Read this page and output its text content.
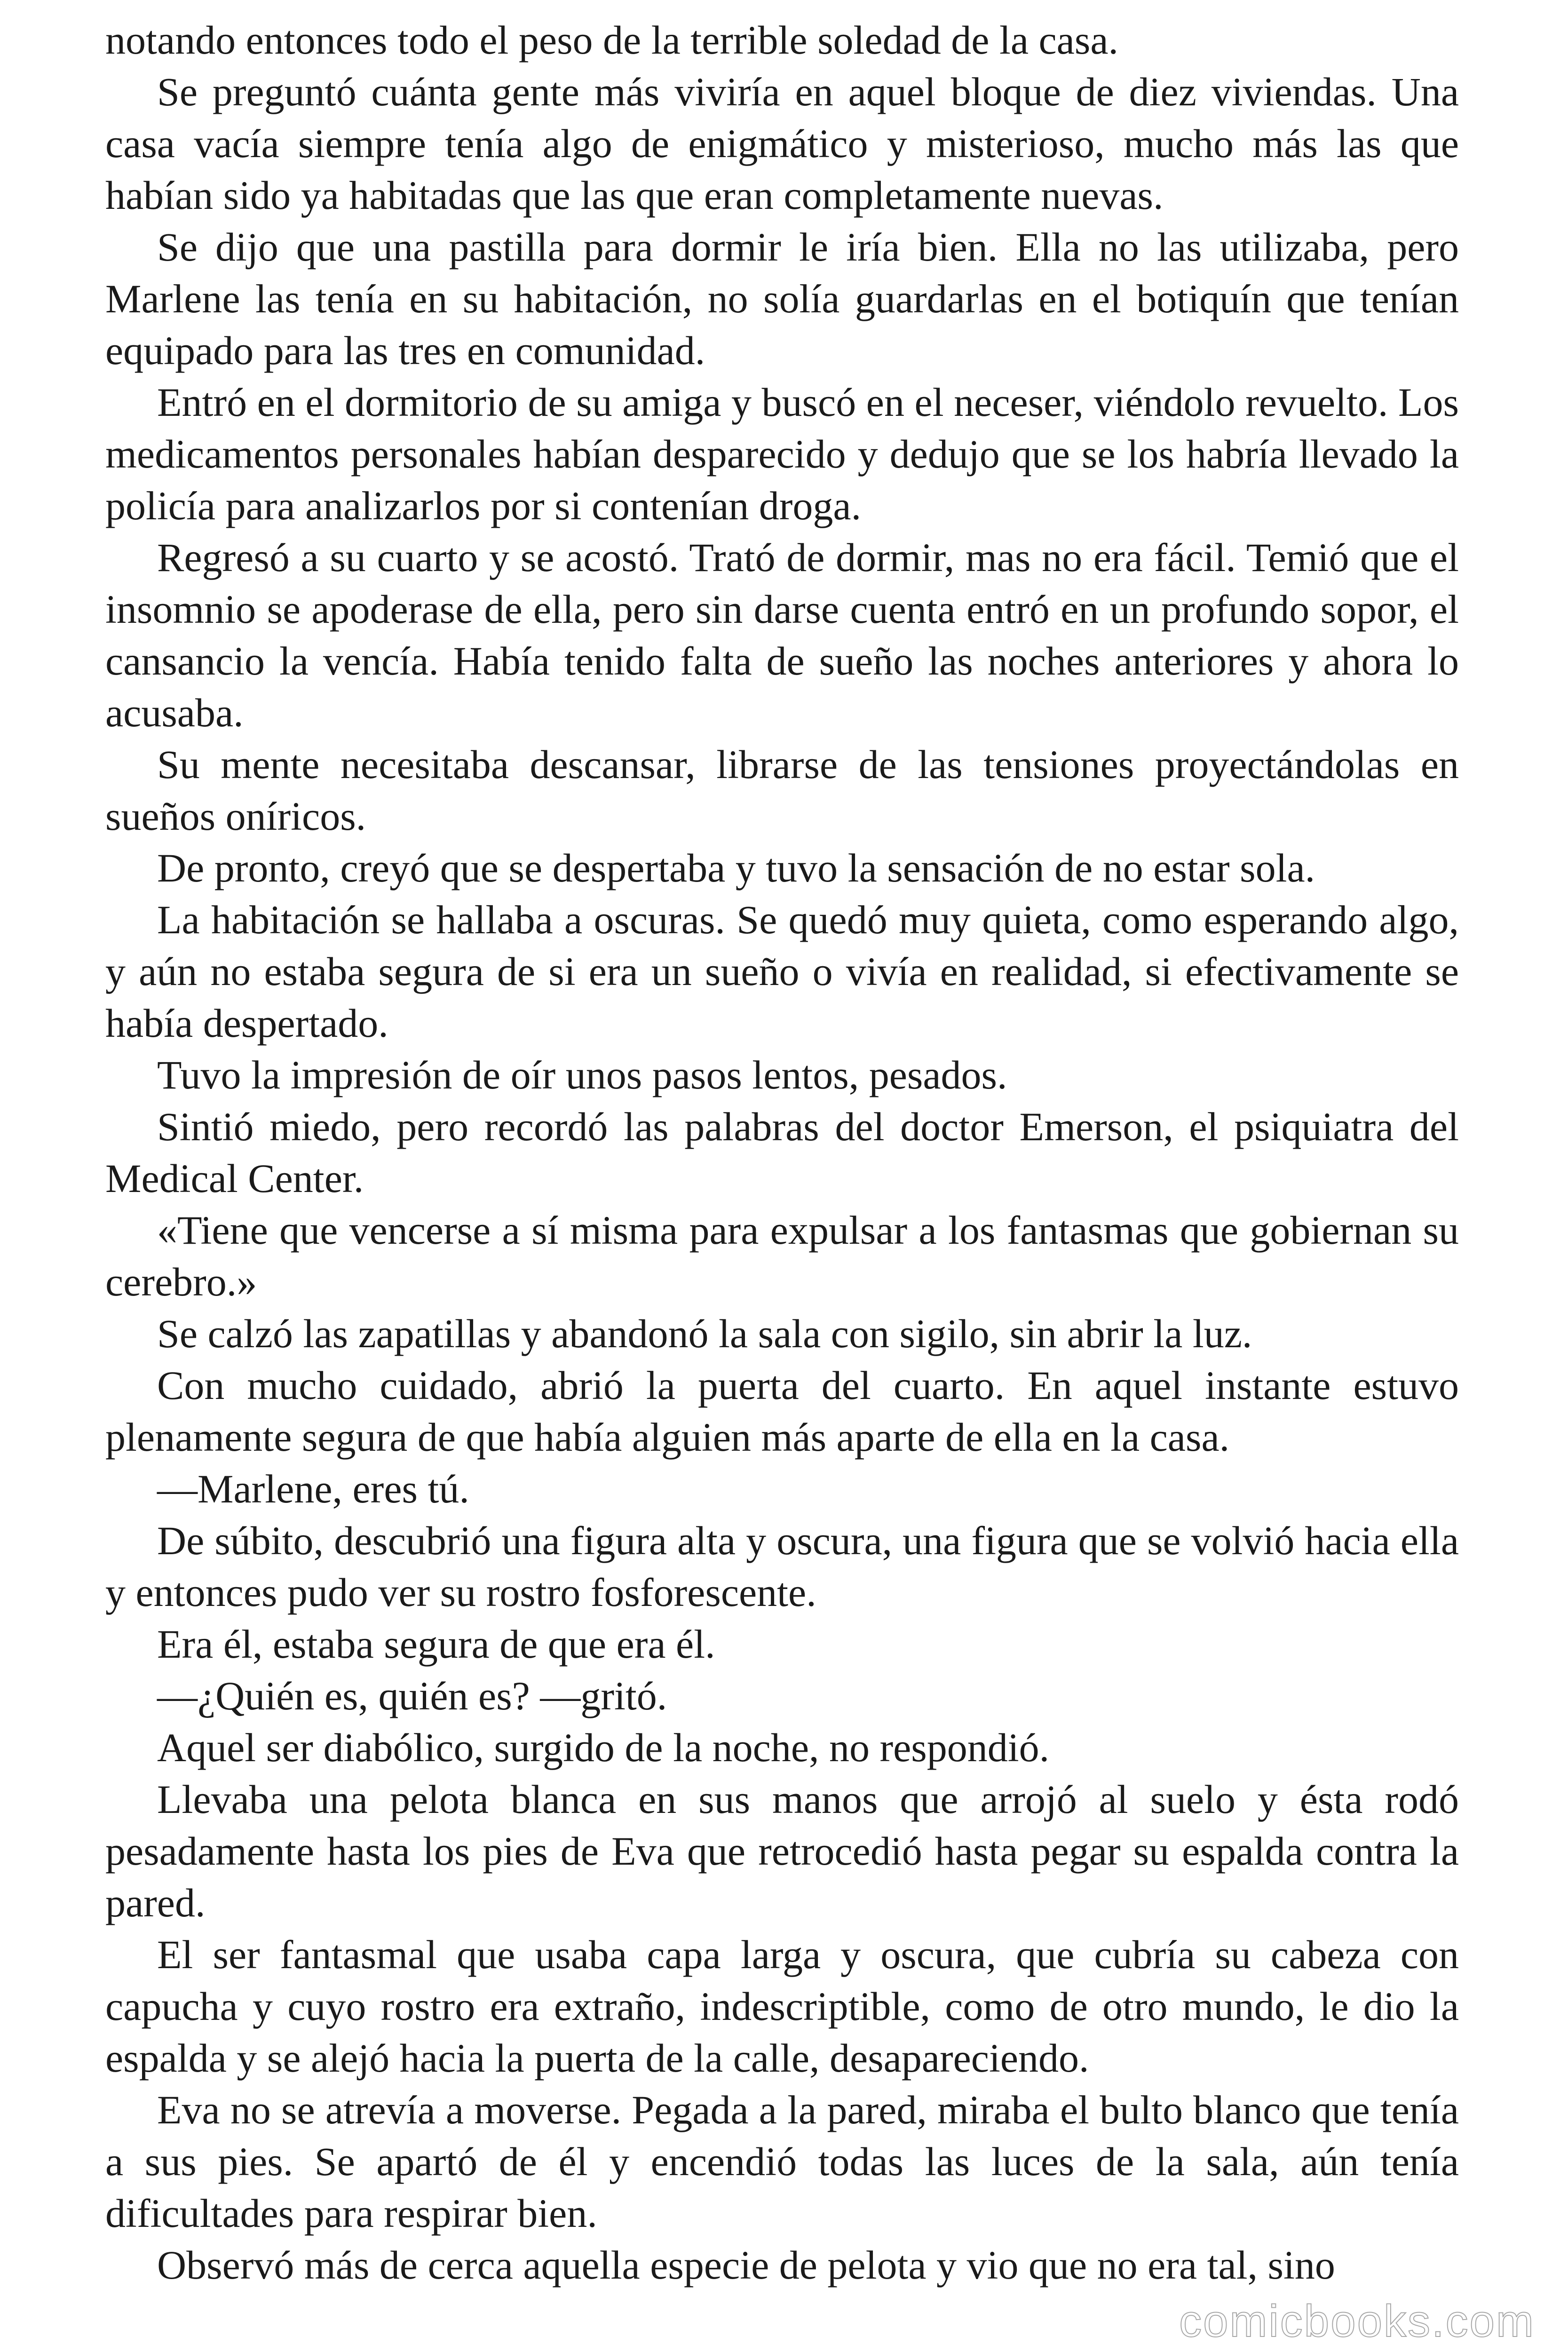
notando entonces todo el peso de la terrible soledad de la casa.

Se preguntó cuánta gente más viviría en aquel bloque de diez viviendas. Una casa vacía siempre tenía algo de enigmático y misterioso, mucho más las que habían sido ya habitadas que las que eran completamente nuevas.

Se dijo que una pastilla para dormir le iría bien. Ella no las utilizaba, pero Marlene las tenía en su habitación, no solía guardarlas en el botiquín que tenían equipado para las tres en comunidad.

Entró en el dormitorio de su amiga y buscó en el neceser, viéndolo revuelto. Los medicamentos personales habían desparecido y dedujo que se los habría llevado la policía para analizarlos por si contenían droga.

Regresó a su cuarto y se acostó. Trató de dormir, mas no era fácil. Temió que el insomnio se apoderase de ella, pero sin darse cuenta entró en un profundo sopor, el cansancio la vencía. Había tenido falta de sueño las noches anteriores y ahora lo acusaba.

Su mente necesitaba descansar, librarse de las tensiones proyectándolas en sueños oníricos.

De pronto, creyó que se despertaba y tuvo la sensación de no estar sola.

La habitación se hallaba a oscuras. Se quedó muy quieta, como esperando algo, y aún no estaba segura de si era un sueño o vivía en realidad, si efectivamente se había despertado.

Tuvo la impresión de oír unos pasos lentos, pesados.

Sintió miedo, pero recordó las palabras del doctor Emerson, el psiquiatra del Medical Center.

«Tiene que vencerse a sí misma para expulsar a los fantasmas que gobiernan su cerebro.»

Se calzó las zapatillas y abandonó la sala con sigilo, sin abrir la luz.

Con mucho cuidado, abrió la puerta del cuarto. En aquel instante estuvo plenamente segura de que había alguien más aparte de ella en la casa.

—Marlene, eres tú.

De súbito, descubrió una figura alta y oscura, una figura que se volvió hacia ella y entonces pudo ver su rostro fosforescente.

Era él, estaba segura de que era él.

—¿Quién es, quién es? —gritó.

Aquel ser diabólico, surgido de la noche, no respondió.

Llevaba una pelota blanca en sus manos que arrojó al suelo y ésta rodó pesadamente hasta los pies de Eva que retrocedió hasta pegar su espalda contra la pared.

El ser fantasmal que usaba capa larga y oscura, que cubría su cabeza con capucha y cuyo rostro era extraño, indescriptible, como de otro mundo, le dio la espalda y se alejó hacia la puerta de la calle, desapareciendo.

Eva no se atrevía a moverse. Pegada a la pared, miraba el bulto blanco que tenía a sus pies. Se apartó de él y encendió todas las luces de la sala, aún tenía dificultades para respirar bien.

Observó más de cerca aquella especie de pelota y vio que no era tal, sino

comicbooks.com
